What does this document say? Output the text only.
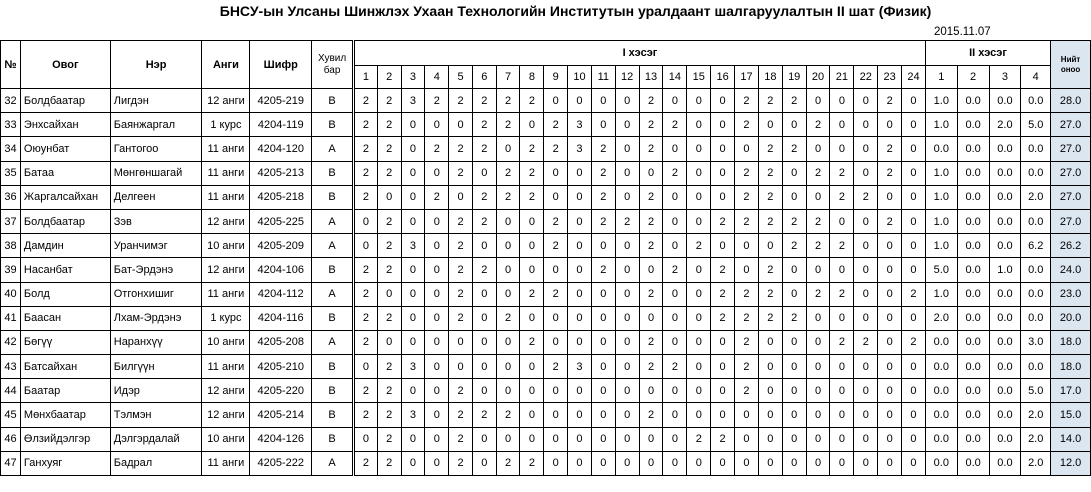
БНСУ-ын Улсаны Шинжлэх Ухаан Технологийн Институтын уралдаант шалгаруулалтын II шат (Физик)
2015.11.07
№	Овог	Нэр	Анги	Шифр	Хувил бар	I хэсэг																								II хэсэг				Нийт оноо
						1	2	3	4	5	6	7	8	9	10	11	12	13	14	15	16	17	18	19	20	21	22	23	24	1	2	3	4	
32	Болдбаатар	Лигдэн	12 анги	4205-219	B	2	2	3	2	2	2	2	2	0	0	0	0	2	0	0	0	2	2	2	0	0	0	2	0	1.0	0.0	0.0	0.0	28.0
33	Энхсайхан	Баянжаргал	1 курс	4204-119	B	2	2	0	0	0	2	2	0	2	3	0	0	2	2	0	0	2	0	0	2	0	0	0	0	1.0	0.0	2.0	5.0	27.0
34	Оюунбат	Гантогоо	11 анги	4204-120	A	2	2	0	2	2	2	0	2	2	3	2	0	2	0	0	0	0	2	2	0	0	0	2	0	0.0	0.0	0.0	0.0	27.0
35	Батаа	Мөнгөншагай	11 анги	4205-213	B	2	2	0	0	2	0	2	2	0	0	2	0	0	2	0	0	2	2	0	2	2	0	2	0	1.0	0.0	0.0	0.0	27.0
36	Жаргалсайхан	Делгеен	11 анги	4205-218	B	2	0	0	2	0	2	2	2	0	0	2	0	2	0	0	0	2	2	0	0	2	2	0	0	1.0	0.0	0.0	2.0	27.0
37	Болдбаатар	Зэв	12 анги	4205-225	A	0	2	0	0	2	2	0	0	2	0	2	2	2	0	0	2	2	2	2	2	0	0	2	0	1.0	0.0	0.0	0.0	27.0
38	Дамдин	Уранчимэг	10 анги	4205-209	A	0	2	3	0	2	0	0	0	2	0	0	0	2	0	2	0	0	0	2	2	2	0	0	0	1.0	0.0	0.0	6.2	26.2
39	Насанбат	Бат-Эрдэнэ	12 анги	4204-106	B	2	2	0	0	2	2	0	0	0	0	2	0	0	2	0	2	0	2	0	0	0	0	0	0	5.0	0.0	1.0	0.0	24.0
40	Болд	Отгонхишиг	11 анги	4204-112	A	2	0	0	0	2	0	0	2	2	0	0	0	2	0	0	2	2	2	0	2	2	0	0	2	1.0	0.0	0.0	0.0	23.0
41	Баасан	Лхам-Эрдэнэ	1 курс	4204-116	B	2	2	0	0	2	0	2	0	0	0	0	0	0	0	0	2	2	2	2	0	0	0	0	0	2.0	0.0	0.0	0.0	20.0
42	Бөгүү	Наранхүү	10 анги	4205-208	A	2	0	0	0	0	0	0	2	0	0	0	0	2	0	0	0	2	0	0	0	2	2	0	2	0.0	0.0	0.0	3.0	18.0
43	Батсайхан	Билгүүн	11 анги	4205-210	B	0	2	3	0	0	0	0	0	2	3	0	0	2	2	0	0	2	0	0	0	0	0	0	0	0.0	0.0	0.0	0.0	18.0
44	Баатар	Идэр	12 анги	4205-220	B	2	2	0	0	2	0	0	0	0	0	0	0	0	0	0	0	2	0	0	0	0	0	0	0	0.0	0.0	0.0	5.0	17.0
45	Мөнхбаатар	Тэлмэн	12 анги	4205-214	B	2	2	3	0	2	2	2	0	0	0	0	0	2	0	0	0	0	0	0	0	0	0	0	0	0.0	0.0	0.0	2.0	15.0
46	Өлзийдэлгэр	Дэлгэрдалай	10 анги	4204-126	B	0	2	0	0	2	0	0	0	0	0	0	0	0	0	2	2	0	0	0	0	0	0	0	0	0.0	0.0	0.0	2.0	14.0
47	Ганхуяг	Бадрал	11 анги	4205-222	A	2	2	0	0	2	0	2	2	0	0	0	0	0	0	0	0	0	0	0	0	0	0	0	0	0.0	0.0	0.0	2.0	12.0
